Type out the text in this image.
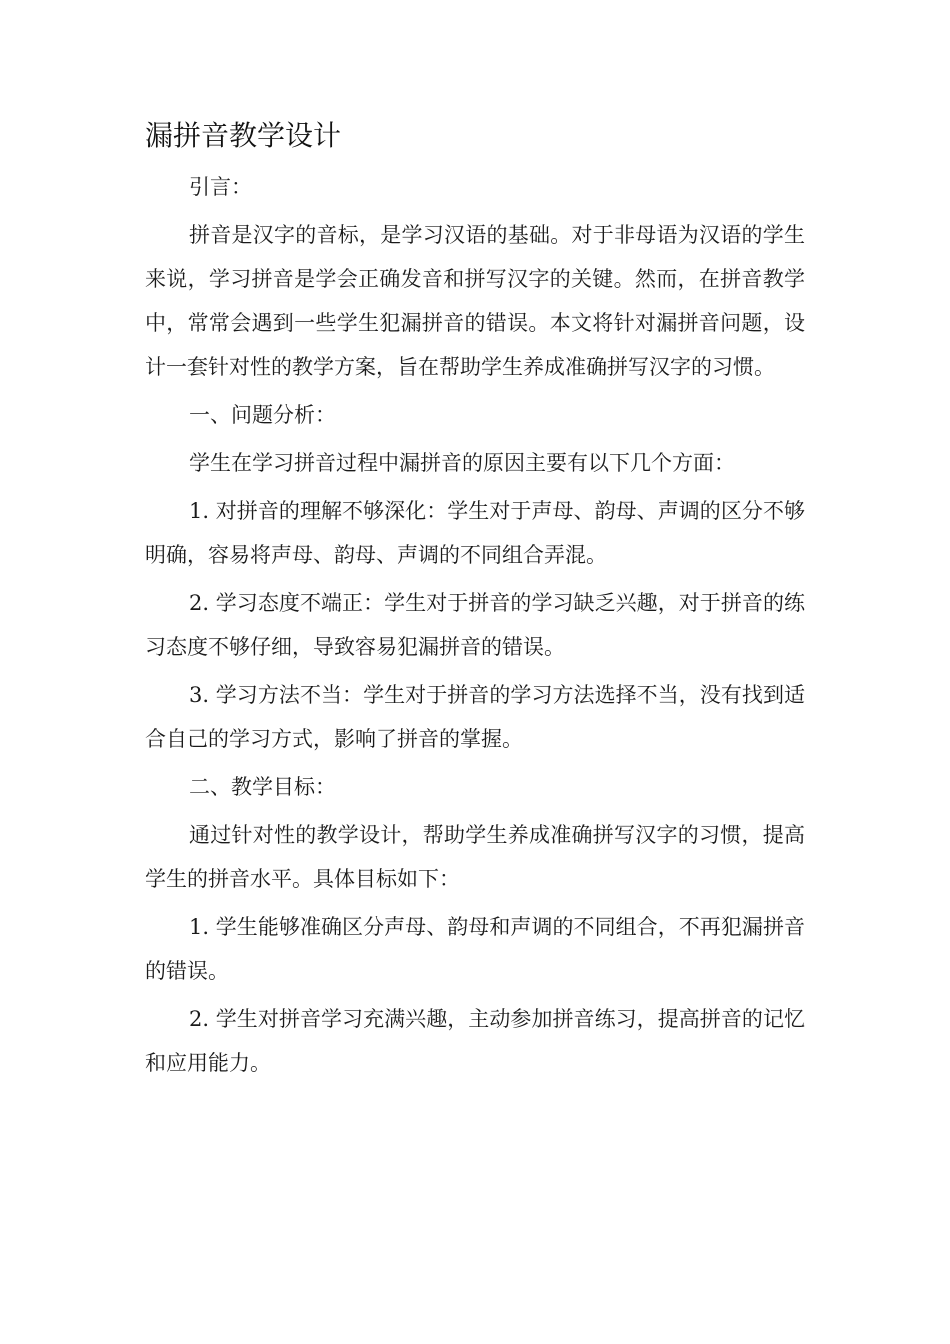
漏拼音教学设计

引言：

拼音是汉字的音标，是学习汉语的基础。对于非母语为汉语的学生来说，学习拼音是学会正确发音和拼写汉字的关键。然而，在拼音教学中，常常会遇到一些学生犯漏拼音的错误。本文将针对漏拼音问题，设计一套针对性的教学方案，旨在帮助学生养成准确拼写汉字的习惯。

一、问题分析：

学生在学习拼音过程中漏拼音的原因主要有以下几个方面：

1. 对拼音的理解不够深化：学生对于声母、韵母、声调的区分不够明确，容易将声母、韵母、声调的不同组合弄混。

2. 学习态度不端正：学生对于拼音的学习缺乏兴趣，对于拼音的练习态度不够仔细，导致容易犯漏拼音的错误。

3. 学习方法不当：学生对于拼音的学习方法选择不当，没有找到适合自己的学习方式，影响了拼音的掌握。

二、教学目标：

通过针对性的教学设计，帮助学生养成准确拼写汉字的习惯，提高学生的拼音水平。具体目标如下：

1. 学生能够准确区分声母、韵母和声调的不同组合，不再犯漏拼音的错误。

2. 学生对拼音学习充满兴趣，主动参加拼音练习，提高拼音的记忆和应用能力。
